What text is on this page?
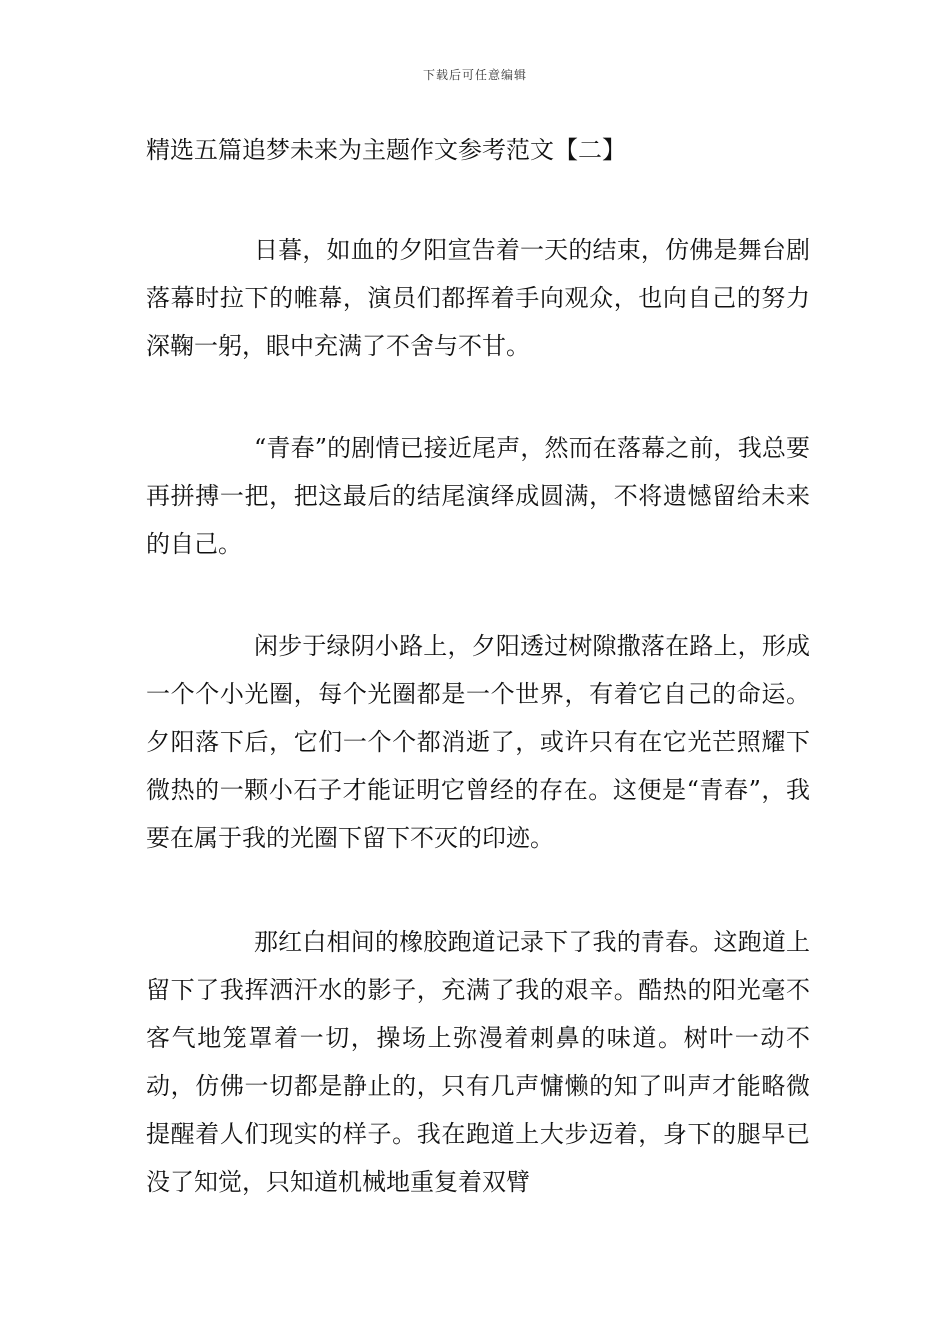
下载后可任意编辑
精选五篇追梦未来为主题作文参考范文【二】

日暮，如血的夕阳宣告着一天的结束，仿佛是舞台剧落幕时拉下的帷幕，演员们都挥着手向观众，也向自己的努力深鞠一躬，眼中充满了不舍与不甘。

“青春”的剧情已接近尾声，然而在落幕之前，我总要再拼搏一把，把这最后的结尾演绎成圆满，不将遗憾留给未来的自己。

闲步于绿阴小路上，夕阳透过树隙撒落在路上，形成一个个小光圈，每个光圈都是一个世界，有着它自己的命运。夕阳落下后，它们一个个都消逝了，或许只有在它光芒照耀下微热的一颗小石子才能证明它曾经的存在。这便是“青春”，我要在属于我的光圈下留下不灭的印迹。

那红白相间的橡胶跑道记录下了我的青春。这跑道上留下了我挥洒汗水的影子，充满了我的艰辛。酷热的阳光毫不客气地笼罩着一切，操场上弥漫着刺鼻的味道。树叶一动不动，仿佛一切都是静止的，只有几声慵懒的知了叫声才能略微提醒着人们现实的样子。我在跑道上大步迈着，身下的腿早已没了知觉，只知道机械地重复着双臂
